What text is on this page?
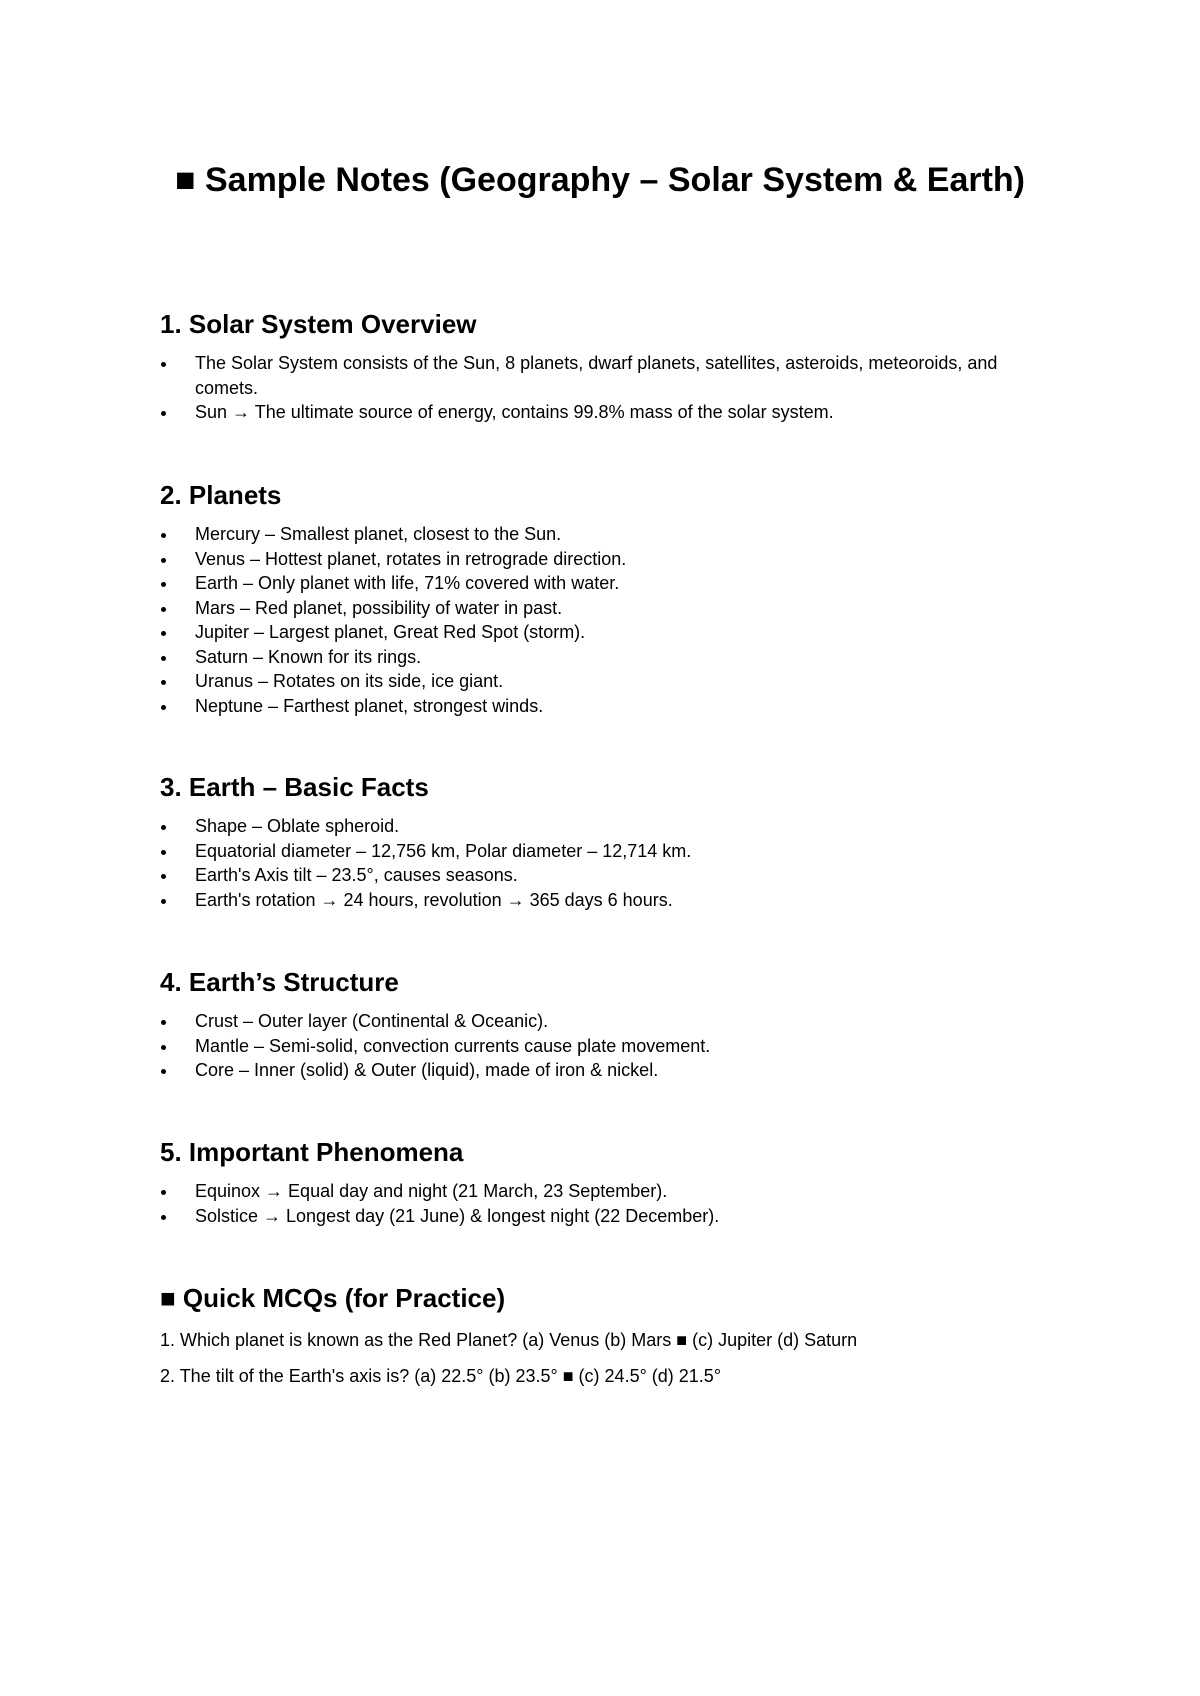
■ Sample Notes (Geography – Solar System & Earth)
1. Solar System Overview
The Solar System consists of the Sun, 8 planets, dwarf planets, satellites, asteroids, meteoroids, and comets.
Sun → The ultimate source of energy, contains 99.8% mass of the solar system.
2. Planets
Mercury – Smallest planet, closest to the Sun.
Venus – Hottest planet, rotates in retrograde direction.
Earth – Only planet with life, 71% covered with water.
Mars – Red planet, possibility of water in past.
Jupiter – Largest planet, Great Red Spot (storm).
Saturn – Known for its rings.
Uranus – Rotates on its side, ice giant.
Neptune – Farthest planet, strongest winds.
3. Earth – Basic Facts
Shape – Oblate spheroid.
Equatorial diameter – 12,756 km, Polar diameter – 12,714 km.
Earth's Axis tilt – 23.5°, causes seasons.
Earth's rotation → 24 hours, revolution → 365 days 6 hours.
4. Earth’s Structure
Crust – Outer layer (Continental & Oceanic).
Mantle – Semi-solid, convection currents cause plate movement.
Core – Inner (solid) & Outer (liquid), made of iron & nickel.
5. Important Phenomena
Equinox → Equal day and night (21 March, 23 September).
Solstice → Longest day (21 June) & longest night (22 December).
■ Quick MCQs (for Practice)

1. Which planet is known as the Red Planet? (a) Venus (b) Mars ■ (c) Jupiter (d) Saturn

2. The tilt of the Earth's axis is? (a) 22.5° (b) 23.5° ■ (c) 24.5° (d) 21.5°
